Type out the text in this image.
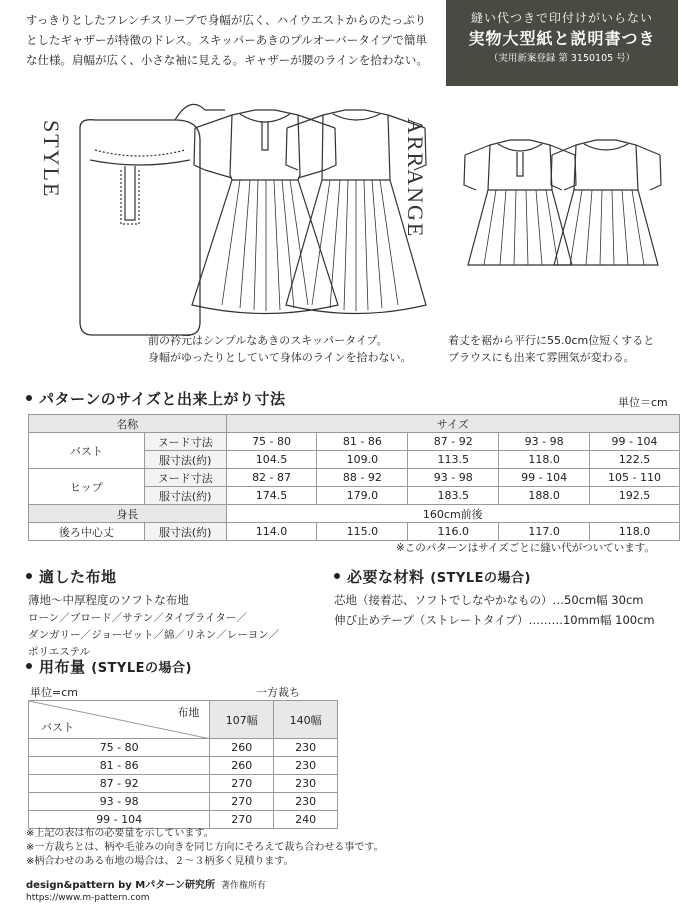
すっきりとしたフレンチスリーブで身幅が広く、ハイウエストからのたっぷり
としたギャザーが特徴のドレス。スキッパーあきのプルオーバータイプで簡単
な仕様。肩幅が広く、小さな袖に見える。ギャザーが腰のラインを拾わない。
縫い代つきで印付けがいらない
実物大型紙と説明書つき
（実用新案登録 第 3150105 号）
STYLE	ARRANGE
前の衿元はシンプルなあきのスキッパータイプ。
身幅がゆったりとしていて身体のラインを拾わない。
着丈を裾から平行に55.0cm位短くすると
ブラウスにも出来て雰囲気が変わる。
パターンのサイズと出来上がり寸法	単位＝cm
名称		サイズ				
バスト	ヌード寸法	75 - 80	81 - 86	87 - 92	93 - 98	99 - 104
	服寸法(約)	104.5	109.0	113.5	118.0	122.5
ヒップ	ヌード寸法	82 - 87	88 - 92	93 - 98	99 - 104	105 - 110
	服寸法(約)	174.5	179.0	183.5	188.0	192.5
身長		160cm前後				
後ろ中心丈	服寸法(約)	114.0	115.0	116.0	117.0	118.0
※このパターンはサイズごとに縫い代がついています。
適した布地
薄地〜中厚程度のソフトな布地
ローン／ブロード／サテン／タイプライター／
ダンガリー／ジョーゼット／綿／リネン／レーヨン／
ポリエステル
必要な材料 (STYLEの場合)
芯地（接着芯、ソフトでしなやかなもの）…50cm幅 30cm
伸び止めテープ（ストレートタイプ）………10mm幅 100cm
用布量 (STYLEの場合)
単位=cm	一方裁ち
布地
バスト	107幅	140幅
75 - 80	260	230
81 - 86	260	230
87 - 92	270	230
93 - 98	270	230
99 - 104	270	240
※上記の表は布の必要量を示しています。
※一方裁ちとは、柄や毛並みの向きを同じ方向にそろえて裁ち合わせる事です。
※柄合わせのある布地の場合は、２〜３柄多く見積ります。
design&pattern by Mパターン研究所 著作権所有
https://www.m-pattern.com
